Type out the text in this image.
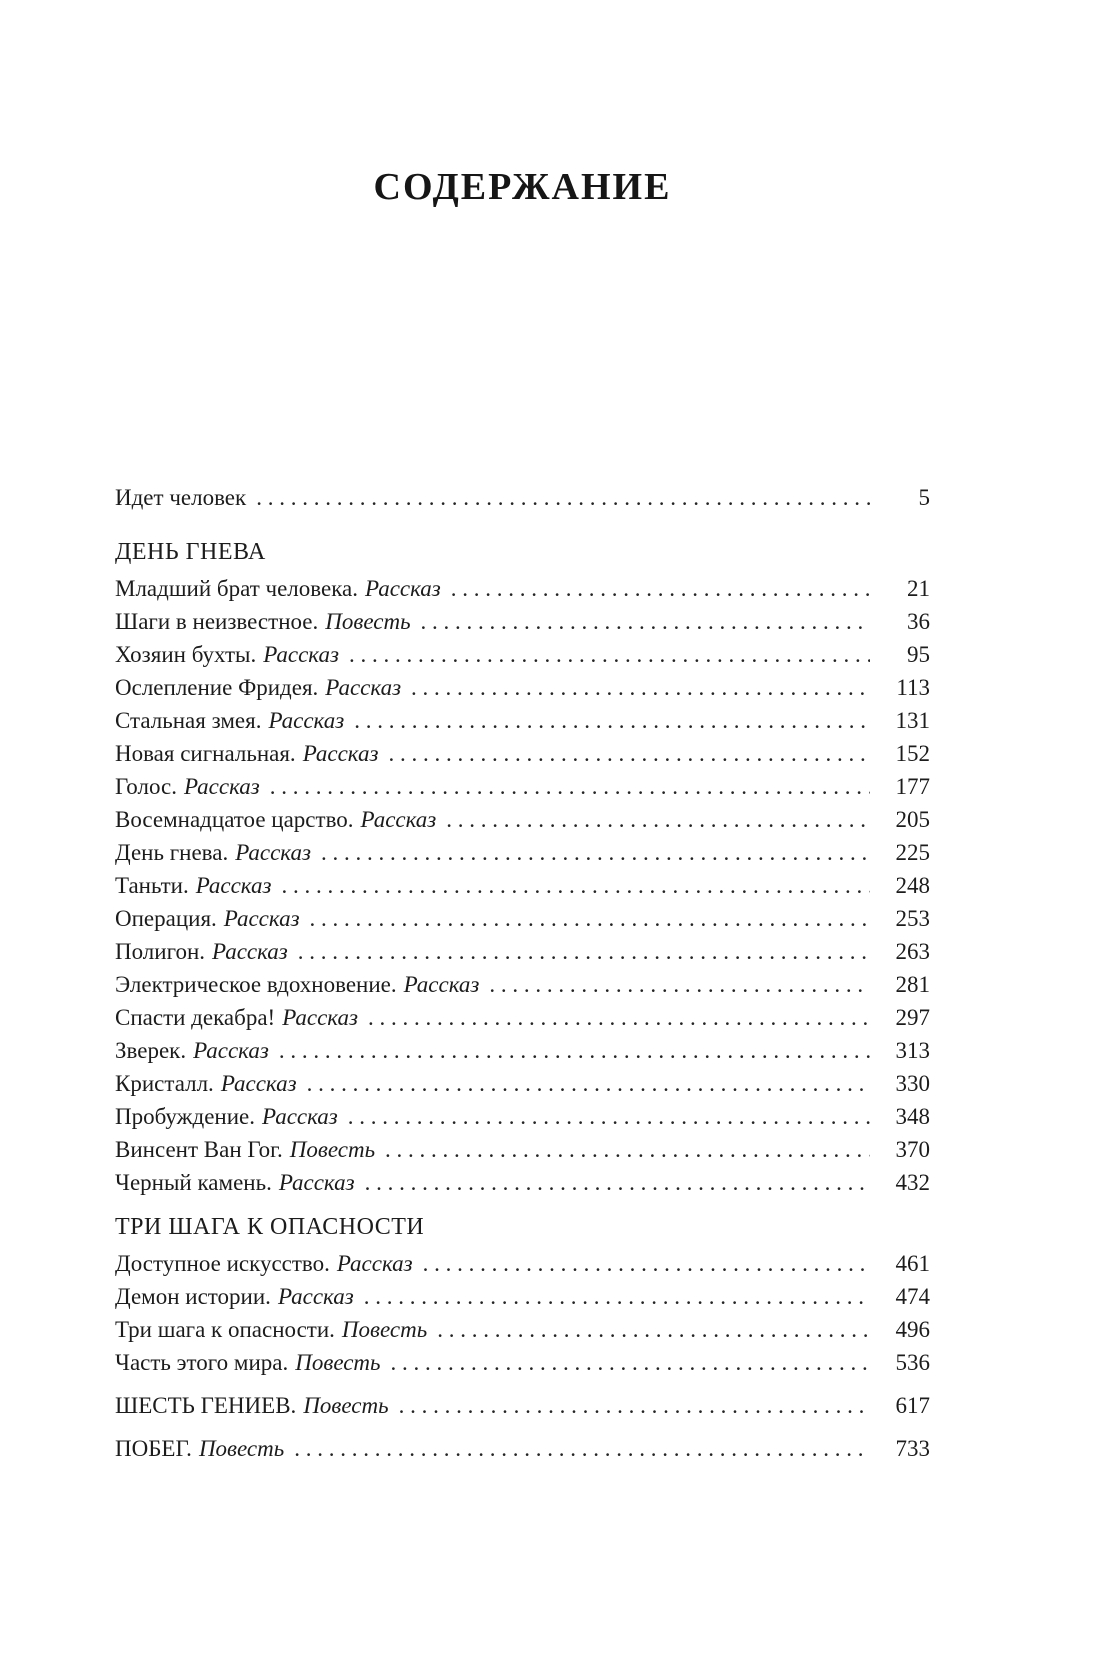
СОДЕРЖАНИЕ
Идет человек . . .	5
ДЕНЬ ГНЕВА
Младший брат человека. Рассказ . . .	21
Шаги в неизвестное. Повесть . . .	36
Хозяин бухты. Рассказ . . .	95
Ослепление Фридея. Рассказ . . .	113
Стальная змея. Рассказ . . .	131
Новая сигнальная. Рассказ . . .	152
Голос. Рассказ . . .	177
Восемнадцатое царство. Рассказ . . .	205
День гнева. Рассказ . . .	225
Таньти. Рассказ . . .	248
Операция. Рассказ . . .	253
Полигон. Рассказ . . .	263
Электрическое вдохновение. Рассказ . . .	281
Спасти декабра! Рассказ . . .	297
Зверек. Рассказ . . .	313
Кристалл. Рассказ . . .	330
Пробуждение. Рассказ . . .	348
Винсент Ван Гог. Повесть . . .	370
Черный камень. Рассказ . . .	432
ТРИ ШАГА К ОПАСНОСТИ
Доступное искусство. Рассказ . . .	461
Демон истории. Рассказ . . .	474
Три шага к опасности. Повесть . . .	496
Часть этого мира. Повесть . . .	536
ШЕСТЬ ГЕНИЕВ. Повесть . . .	617
ПОБЕГ. Повесть . . .	733
